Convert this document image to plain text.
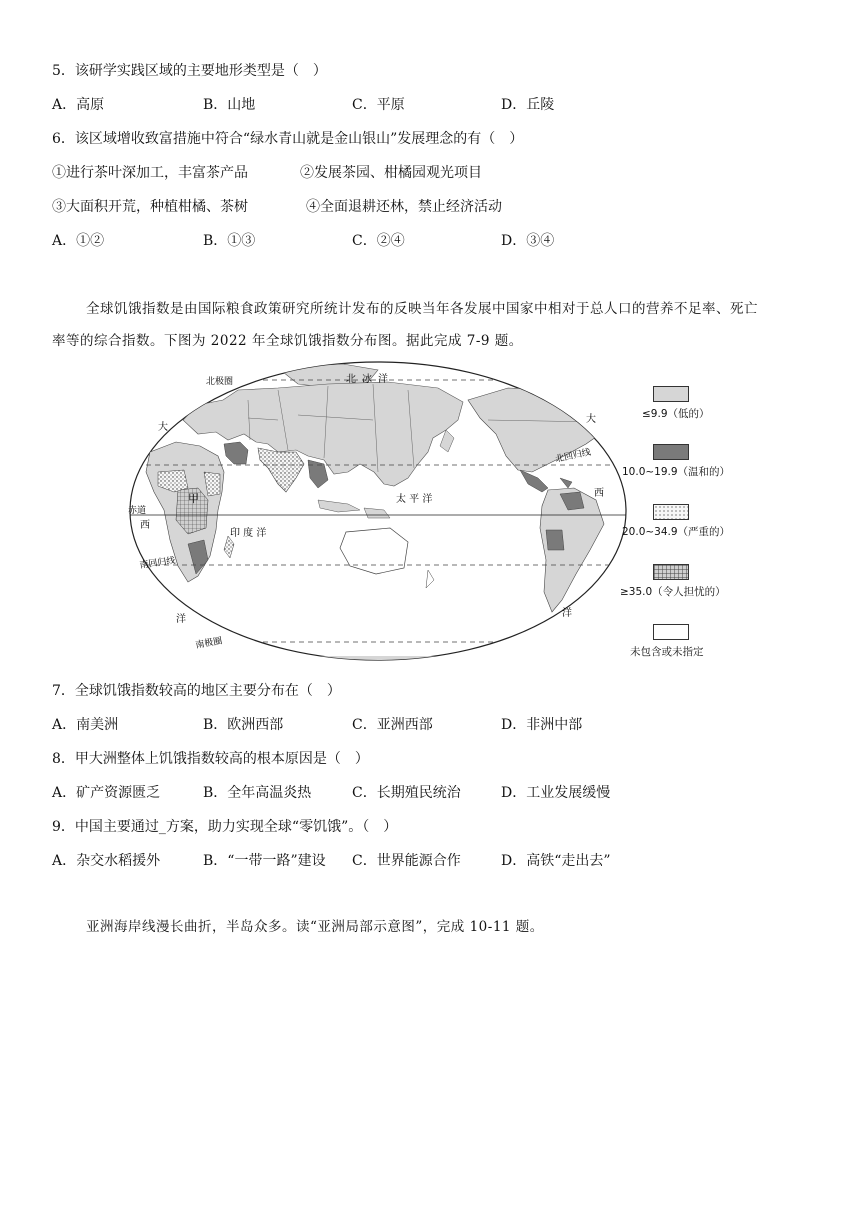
5．该研学实践区域的主要地形类型是（　）
A．高原	B．山地	C．平原	D．丘陵
6．该区域增收致富措施中符合“绿水青山就是金山银山”发展理念的有（　）
①进行茶叶深加工，丰富茶产品	②发展茶园、柑橘园观光项目
③大面积开荒，种植柑橘、茶树	④全面退耕还林，禁止经济活动
A．①②	B．①③	C．②④	D．③④
全球饥饿指数是由国际粮食政策研究所统计发布的反映当年各发展中国家中相对于总人口的营养不足率、死亡
率等的综合指数。下图为 2022 年全球饥饿指数分布图。据此完成 7-9 题。
北极圈	北冰洋
大
西
洋
甲
赤道
印 度 洋
太 平 洋
北回归线
南回归线
南极圈
大
西
洋
≤9.9（低的）
10.0~19.9（温和的）
20.0~34.9（严重的）
≥35.0（令人担忧的）
未包含或未指定
7．全球饥饿指数较高的地区主要分布在（　）
A．南美洲	B．欧洲西部	C．亚洲西部	D．非洲中部
8．甲大洲整体上饥饿指数较高的根本原因是（　）
A．矿产资源匮乏	B．全年高温炎热	C．长期殖民统治	D．工业发展缓慢
9．中国主要通过_方案，助力实现全球“零饥饿”。（　）
A．杂交水稻援外	B．“一带一路”建设 C．世界能源合作	D．高铁“走出去”
亚洲海岸线漫长曲折，半岛众多。读“亚洲局部示意图”，完成 10-11 题。
